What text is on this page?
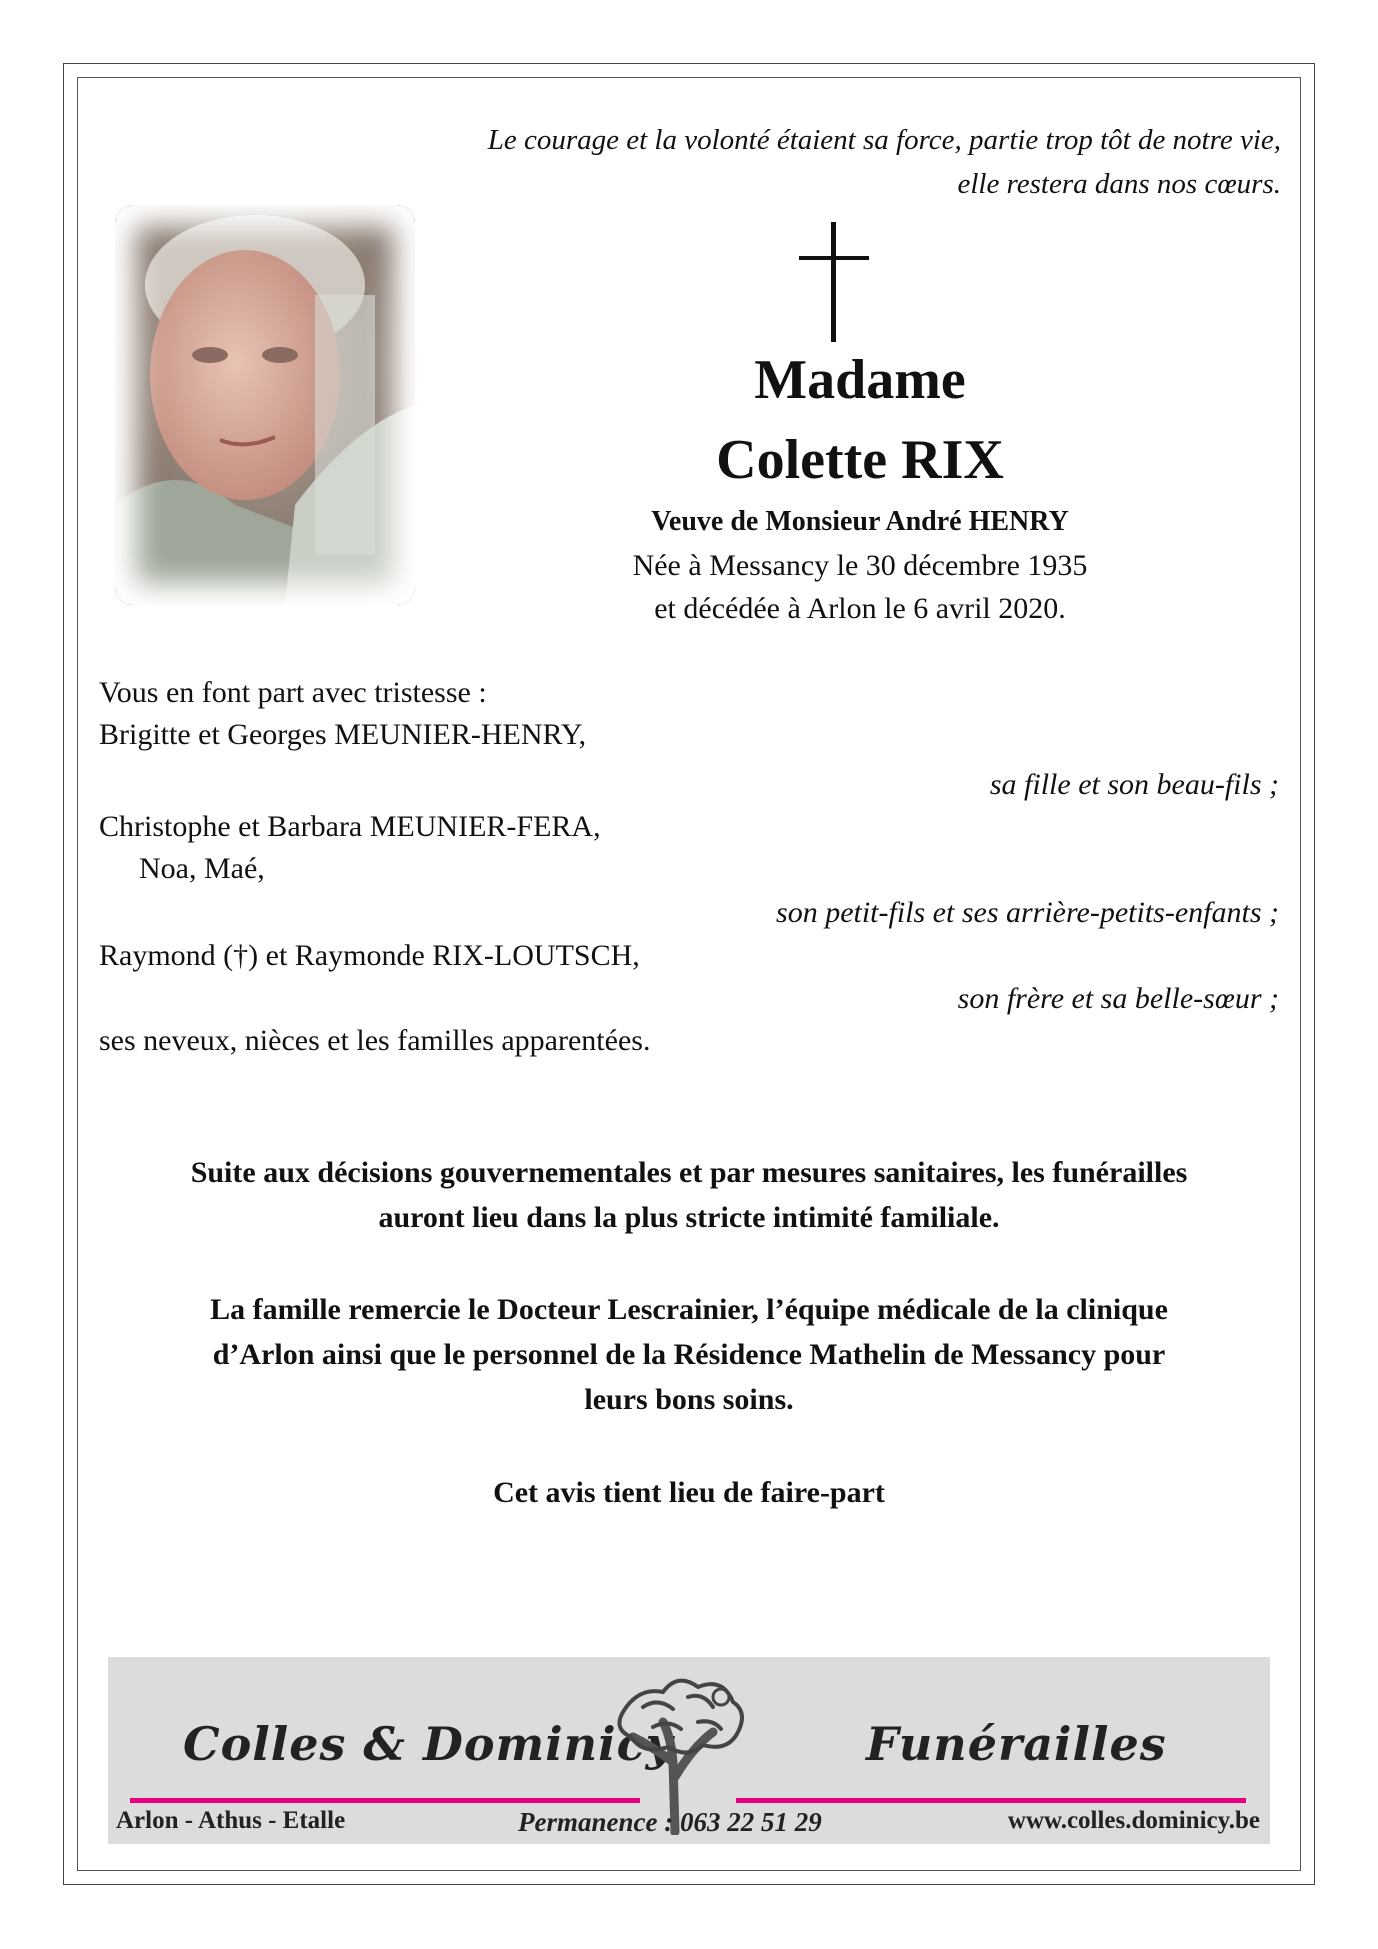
Le courage et la volonté étaient sa force, partie trop tôt de notre vie,
elle restera dans nos cœurs.
Madame
Colette RIX
Veuve de Monsieur André HENRY
Née à Messancy le 30 décembre 1935
et décédée à Arlon le 6 avril 2020.
Vous en font part avec tristesse :
Brigitte et Georges MEUNIER-HENRY,
sa fille et son beau-fils ;
Christophe et Barbara MEUNIER-FERA,
Noa, Maé,
son petit-fils et ses arrière-petits-enfants ;
Raymond (†) et Raymonde RIX-LOUTSCH,
son frère et sa belle-sœur ;
ses neveux, nièces et les familles apparentées.
Suite aux décisions gouvernementales et par mesures sanitaires, les funérailles
auront lieu dans la plus stricte intimité familiale.
La famille remercie le Docteur Lescrainier, l’équipe médicale de la clinique
d’Arlon ainsi que le personnel de la Résidence Mathelin de Messancy pour
leurs bons soins.
Cet avis tient lieu de faire-part
Colles & Dominicy	Funérailles
Arlon - Athus - Etalle	Permanence : 063 22 51 29	www.colles.dominicy.be
